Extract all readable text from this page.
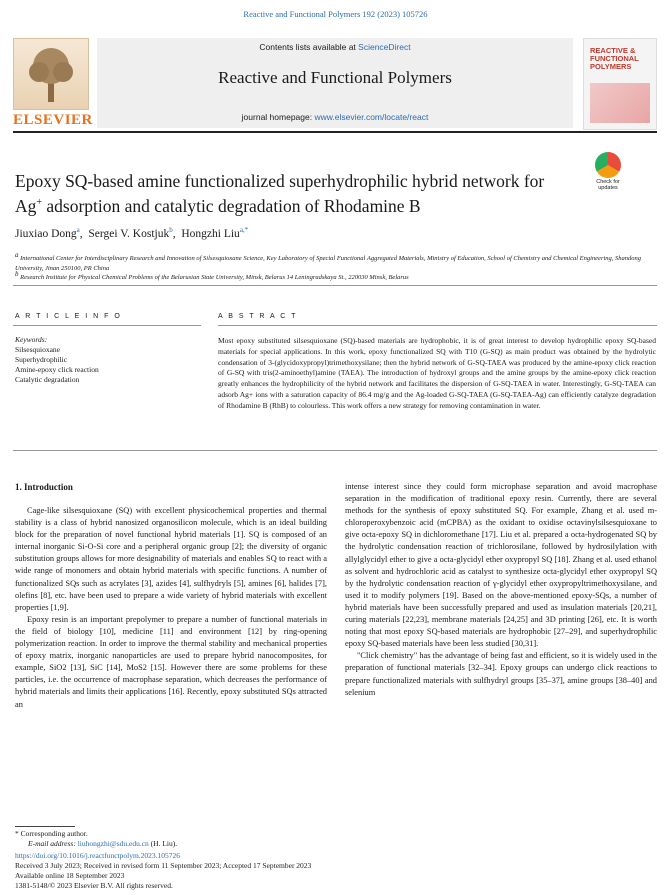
Reactive and Functional Polymers 192 (2023) 105726
ELSEVIER
Contents lists available at ScienceDirect
Reactive and Functional Polymers
journal homepage: www.elsevier.com/locate/react
REACTIVE & FUNCTIONAL POLYMERS
Epoxy SQ-based amine functionalized superhydrophilic hybrid network for
Ag+ adsorption and catalytic degradation of Rhodamine B
Check for updates
Jiuxiao Dong$^a$,  Sergei V. Kostjuk$^b$,  Hongzhi Liu$^{a,*}$
$^a$ International Center for Interdisciplinary Research and Innovation of Silsesquioxane Science, Key Laboratory of Special Functional Aggregated Materials, Ministry of Education, School of Chemistry and Chemical Engineering, Shandong University, Jinan 250100, PR China
$^b$ Research Institute for Physical Chemical Problems of the Belarusian State University, Minsk, Belarus 14 Leningradskaya St., 220030 Minsk, Belarus
A R T I C L E I N F O	A B S T R A C T
Keywords:
Silsesquioxane
Superhydrophilic
Amine-epoxy click reaction
Catalytic degradation
Most epoxy substituted silsesquioxane (SQ)-based materials are hydrophobic, it is of great interest to develop hydrophilic epoxy SQ-based materials for special applications. In this work, epoxy functionalized SQ with T10 (G-SQ) as main product was obtained by the hydrolytic condensation of 3-(glycidoxypropyl)trimethoxysilane; then the hybrid network of G-SQ-TAEA was produced by the amine-epoxy click reaction of G-SQ with tris(2-aminoethyl)amine (TAEA). The introduction of hydroxyl groups and the amine groups by the amine-epoxy click reaction greatly enhances the hydrophilicity of the hybrid network and facilitates the dispersion of G-SQ-TAEA in water. Interestingly, G-SQ-TAEA can adsorb Ag+ ions with a saturation capacity of 86.4 mg/g and the Ag-loaded G-SQ-TAEA (G-SQ-TAEA-Ag) can efficiently catalyze degradation of Rhodamine B (RhB) to colourless. This work offers a new strategy for removing contamination in water.
1. Introduction

Cage-like silsesquioxane (SQ) with excellent physicochemical properties and thermal stability is a class of hybrid nanosized organosilicon molecule, which is an ideal building block for the preparation of novel functional hybrid materials [1]. SQ is composed of an internal inorganic Si-O-Si core and a peripheral organic group [2]; the diversity of organic substitution groups allows for more designability of materials and enables SQ to react with a wide range of monomers and obtain hybrid materials with specific functions. A number of functionalized SQs such as acrylates [3], azides [4], sulfhydryls [5], amines [6], halides [7], olefins [8], etc. have been used to prepare a wide variety of hybrid materials with excellent properties [1,9].

Epoxy resin is an important prepolymer to prepare a number of functional materials in the field of biology [10], medicine [11] and environment [12] by ring-opening polymerization reaction. In order to improve the thermal stability and mechanical properties of epoxy matrix, inorganic nanoparticles are used to prepare hybrid nanocomposites, for example, SiO2 [13], SiC [14], MoS2 [15]. However there are some problems for these particles, i.e. the occurrence of macrophase separation, which decreases the performance of hybrid materials and limits their applications [16]. Recently, epoxy substituted SQs attracted an

intense interest since they could form microphase separation and avoid macrophase separation in the modification of traditional epoxy resin. Currently, there are several methods for the synthesis of epoxy substituted SQ. For example, Zhang et al. used m-chloroperoxybenzoic acid (mCPBA) as the oxidant to oxidise octavinylsilsesquioxane to give octa-epoxy SQ in dichloromethane [17]. Liu et al. prepared a octa-hydrogenated SQ by the hydrolytic condensation reaction of trichlorosilane, followed by hydrosilylation with allylglycidyl ether to give a octa-glycidyl ether oxypropyl SQ [18]. Zhang et al. used ethanol as solvent and hydrochloric acid as catalyst to synthesize octa-glycidyl ether oxypropyl SQ by the hydrolytic condensation reaction of γ-glycidyl ether oxypropyltrimethoxysilane, and used it to modify polymers [19]. Based on the above-mentioned epoxy-SQs, a number of hybrid materials have been successfully prepared and used as insulation materials [20,21], curing materials [22,23], membrane materials [24,25] and 3D printing [26], etc. It is worth noting that most epoxy SQ-based materials are hydrophobic [27–29], and superhydrophilic epoxy SQ-based materials have been less studied [30,31].

"Click chemistry" has the advantage of being fast and efficient, so it is widely used in the preparation of functional materials [32–34]. Epoxy groups can undergo click reactions to prepare functionalized materials with sulfhydryl groups [35–37], amine groups [38–40] and selenium

* Corresponding author.
E-mail address: liuhongzhi@sdu.edu.cn (H. Liu).
https://doi.org/10.1016/j.reactfunctpolym.2023.105726
Received 3 July 2023; Received in revised form 11 September 2023; Accepted 17 September 2023
Available online 18 September 2023
1381-5148/© 2023 Elsevier B.V. All rights reserved.
